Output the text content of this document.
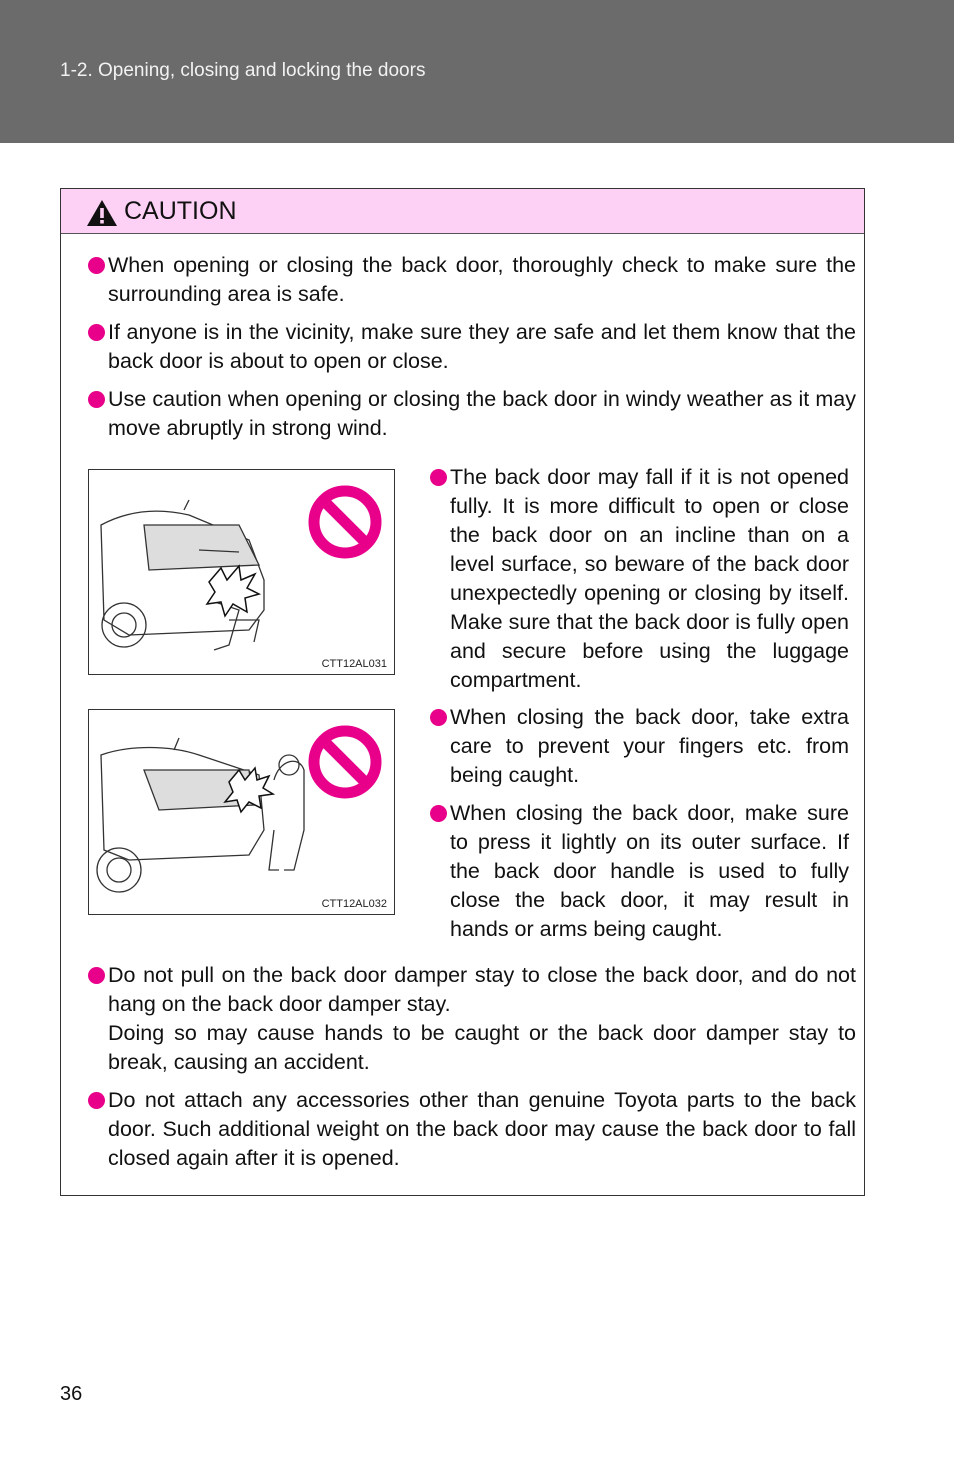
1-2. Opening, closing and locking the doors
CAUTION

When opening or closing the back door, thoroughly check to make sure the surrounding area is safe.

If anyone is in the vicinity, make sure they are safe and let them know that the back door is about to open or close.

Use caution when opening or closing the back door in windy weather as it may move abruptly in strong wind.

CTT12AL031
CTT12AL032

The back door may fall if it is not opened fully. It is more difficult to open or close the back door on an incline than on a level surface, so beware of the back door unexpectedly opening or closing by itself. Make sure that the back door is fully open and secure before using the luggage compartment.

When closing the back door, take extra care to prevent your fingers etc. from being caught.

When closing the back door, make sure to press it lightly on its outer surface. If the back door handle is used to fully close the back door, it may result in hands or arms being caught.

Do not pull on the back door damper stay to close the back door, and do not hang on the back door damper stay.

Doing so may cause hands to be caught or the back door damper stay to break, causing an accident.

Do not attach any accessories other than genuine Toyota parts to the back door. Such additional weight on the back door may cause the back door to fall closed again after it is opened.

36
